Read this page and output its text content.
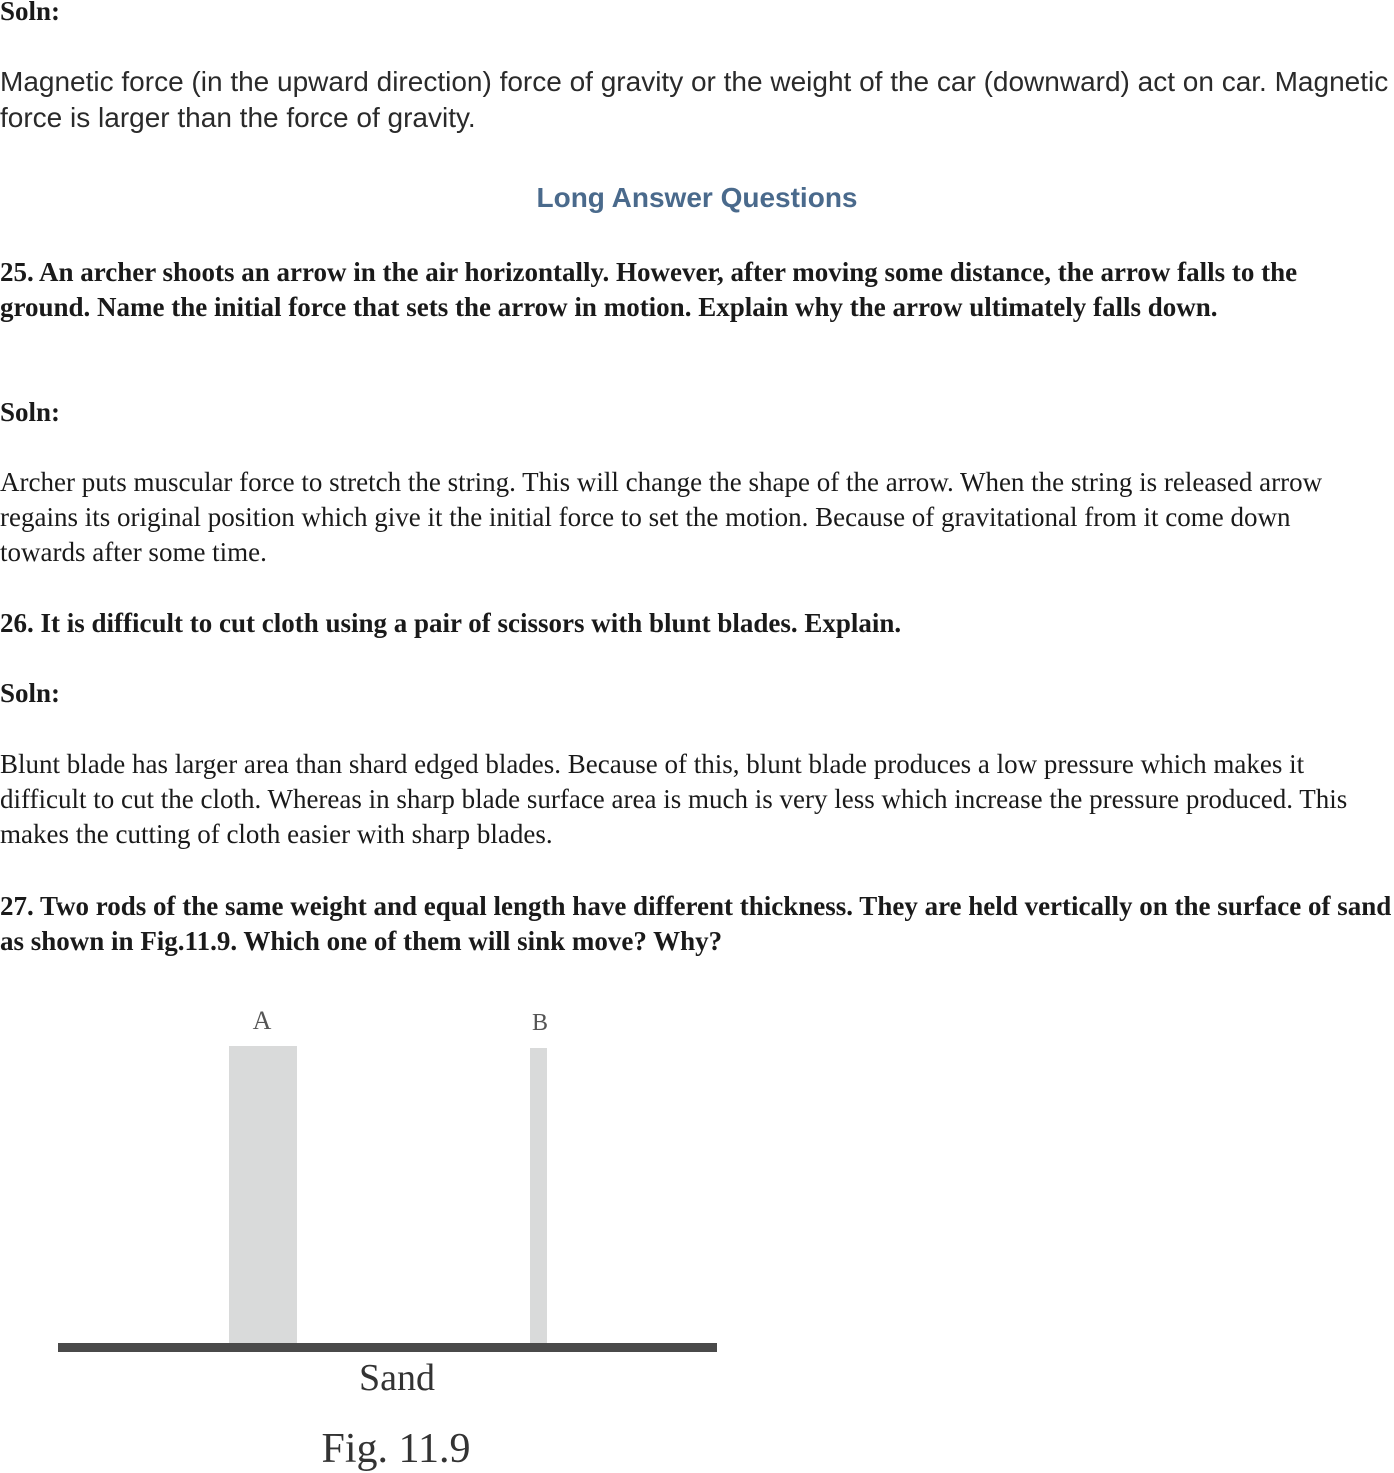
Soln:

Magnetic force (in the upward direction) force of gravity or the weight of the car (downward) act on car. Magnetic force is larger than the force of gravity.

Long Answer Questions

25. An archer shoots an arrow in the air horizontally. However, after moving some distance, the arrow falls to the ground. Name the initial force that sets the arrow in motion. Explain why the arrow ultimately falls down.

Soln:

Archer puts muscular force to stretch the string. This will change the shape of the arrow. When the string is released arrow regains its original position which give it the initial force to set the motion. Because of gravitational from it come down towards after some time.

26. It is difficult to cut cloth using a pair of scissors with blunt blades. Explain.

Soln:

Blunt blade has larger area than shard edged blades. Because of this, blunt blade produces a low pressure which makes it difficult to cut the cloth. Whereas in sharp blade surface area is much is very less which increase the pressure produced. This makes the cutting of cloth easier with sharp blades.

27. Two rods of the same weight and equal length have different thickness. They are held vertically on the surface of sand as shown in Fig.11.9. Which one of them will sink move? Why?

A	B
Sand
Fig. 11.9
